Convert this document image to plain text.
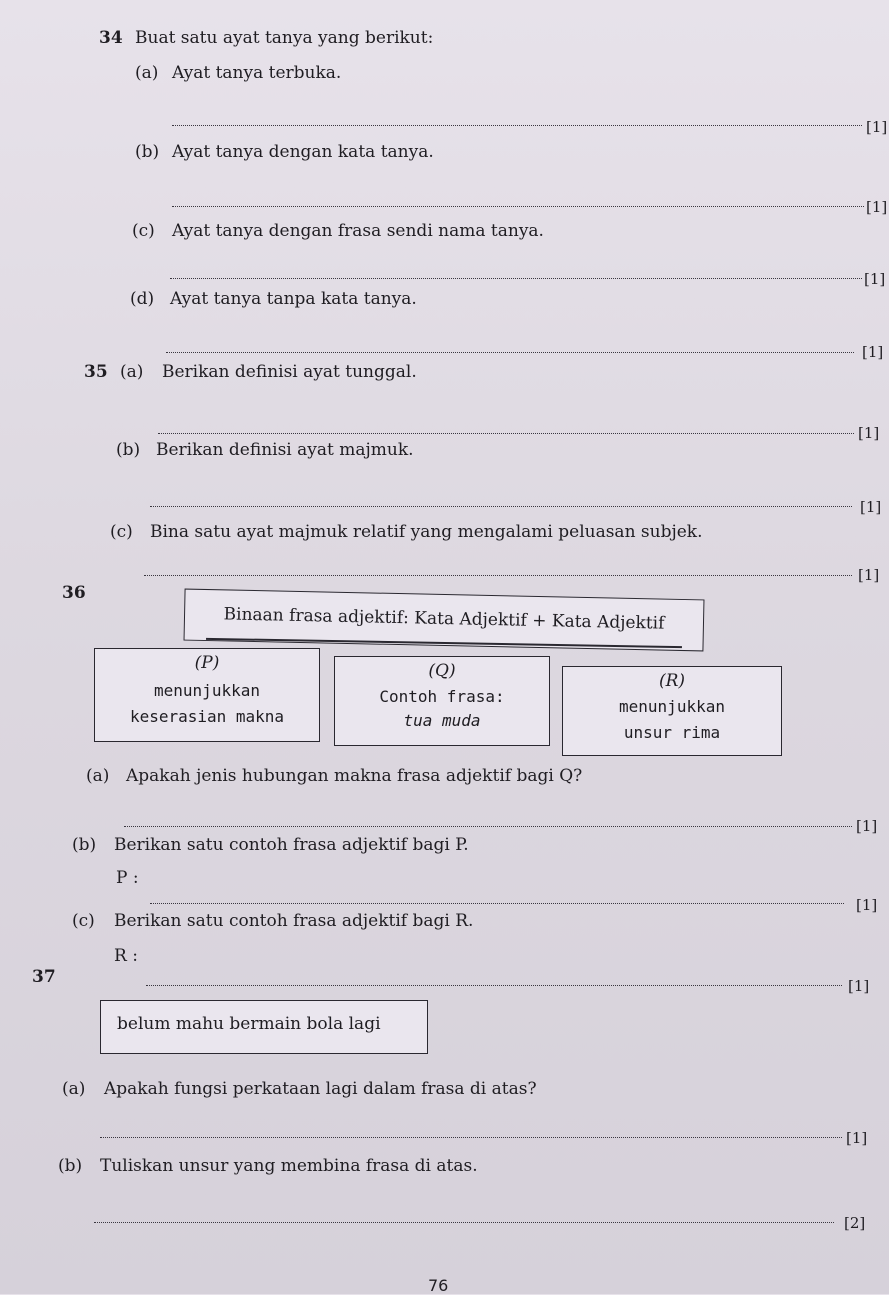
34 Buat satu ayat tanya yang berikut:
(a) Ayat tanya terbuka.
[1]
(b) Ayat tanya dengan kata tanya.
[1]
(c) Ayat tanya dengan frasa sendi nama tanya.
[1]
(d) Ayat tanya tanpa kata tanya.
[1]
35 (a) Berikan definisi ayat tunggal.
[1]
(b) Berikan definisi ayat majmuk.
[1]
(c) Bina satu ayat majmuk relatif yang mengalami peluasan subjek.
[1]
36
Binaan frasa adjektif: Kata Adjektif + Kata Adjektif
(P)
menunjukkan
keserasian makna
(Q)
Contoh frasa:
tua muda
(R)
menunjukkan
unsur rima
(a) Apakah jenis hubungan makna frasa adjektif bagi Q?
[1]
(b) Berikan satu contoh frasa adjektif bagi P.
P :
[1]
(c) Berikan satu contoh frasa adjektif bagi R.
R :
[1]
37
belum mahu bermain bola lagi
(a) Apakah fungsi perkataan lagi dalam frasa di atas?
[1]
(b) Tuliskan unsur yang membina frasa di atas.
[2]
76
